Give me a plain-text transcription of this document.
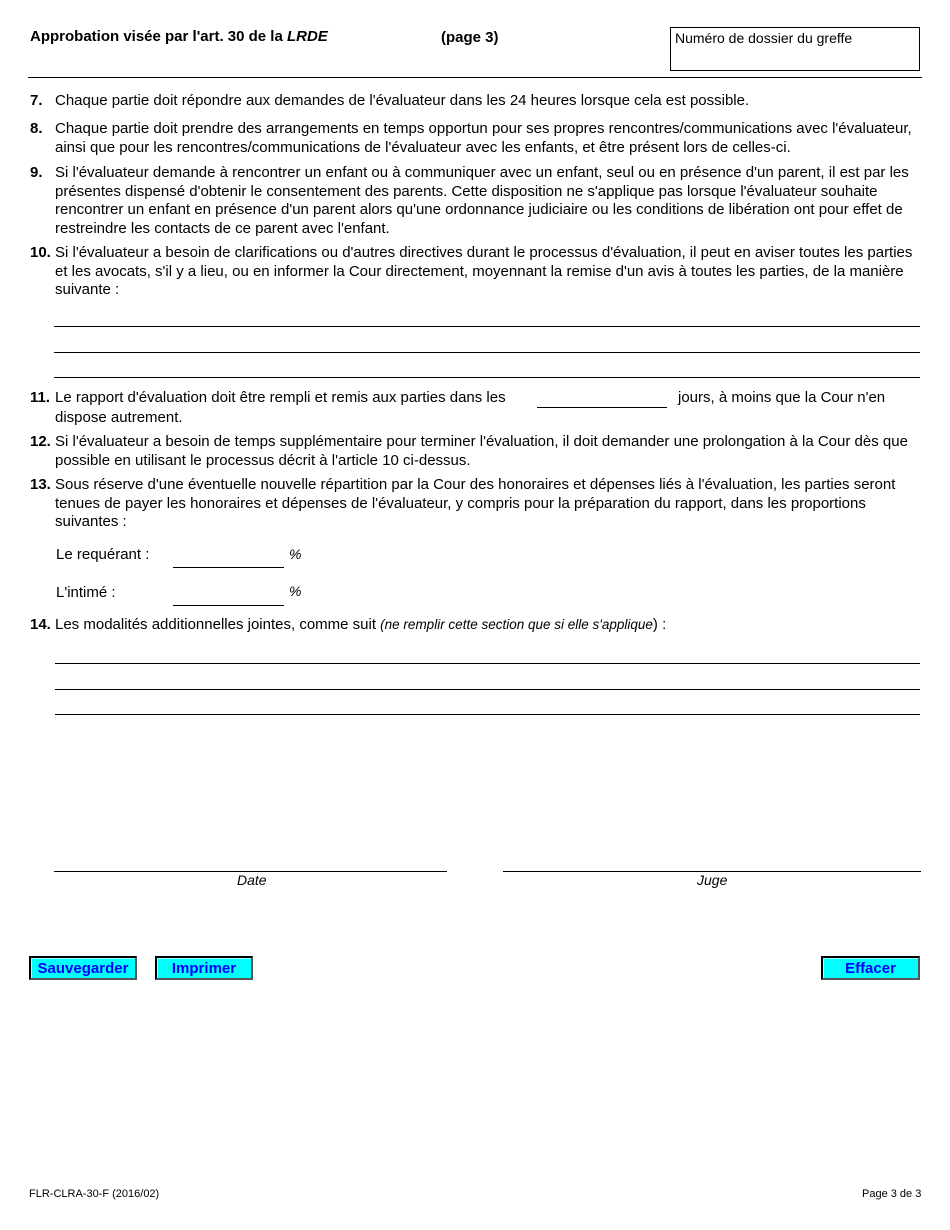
Approbation visée par l'art. 30 de la LRDE	(page 3)	Numéro de dossier du greffe
7. Chaque partie doit répondre aux demandes de l'évaluateur dans les 24 heures lorsque cela est possible.
8. Chaque partie doit prendre des arrangements en temps opportun pour ses propres rencontres/communications avec l'évaluateur, ainsi que pour les rencontres/communications de l'évaluateur avec les enfants, et être présent lors de celles-ci.
9. Si l'évaluateur demande à rencontrer un enfant ou à communiquer avec un enfant, seul ou en présence d'un parent, il est par les présentes dispensé d'obtenir le consentement des parents. Cette disposition ne s'applique pas lorsque l'évaluateur souhaite rencontrer un enfant en présence d'un parent alors qu'une ordonnance judiciaire ou les conditions de libération ont pour effet de restreindre les contacts de ce parent avec l'enfant.
10. Si l'évaluateur a besoin de clarifications ou d'autres directives durant le processus d'évaluation, il peut en aviser toutes les parties et les avocats, s'il y a lieu, ou en informer la Cour directement, moyennant la remise d'un avis à toutes les parties, de la manière suivante :
11. Le rapport d'évaluation doit être rempli et remis aux parties dans les	jours, à moins que la Cour n'en
dispose autrement.
12. Si l'évaluateur a besoin de temps supplémentaire pour terminer l'évaluation, il doit demander une prolongation à la Cour dès que possible en utilisant le processus décrit à l'article 10 ci-dessus.
13. Sous réserve d'une éventuelle nouvelle répartition par la Cour des honoraires et dépenses liés à l'évaluation, les parties seront tenues de payer les honoraires et dépenses de l'évaluateur, y compris pour la préparation du rapport, dans les proportions suivantes :
Le requérant :	%
L'intimé :	%
14. Les modalités additionnelles jointes, comme suit (ne remplir cette section que si elle s'applique) :
Date	Juge
Sauvegarder	Imprimer	Effacer
FLR-CLRA-30-F (2016/02)	Page 3 de 3
